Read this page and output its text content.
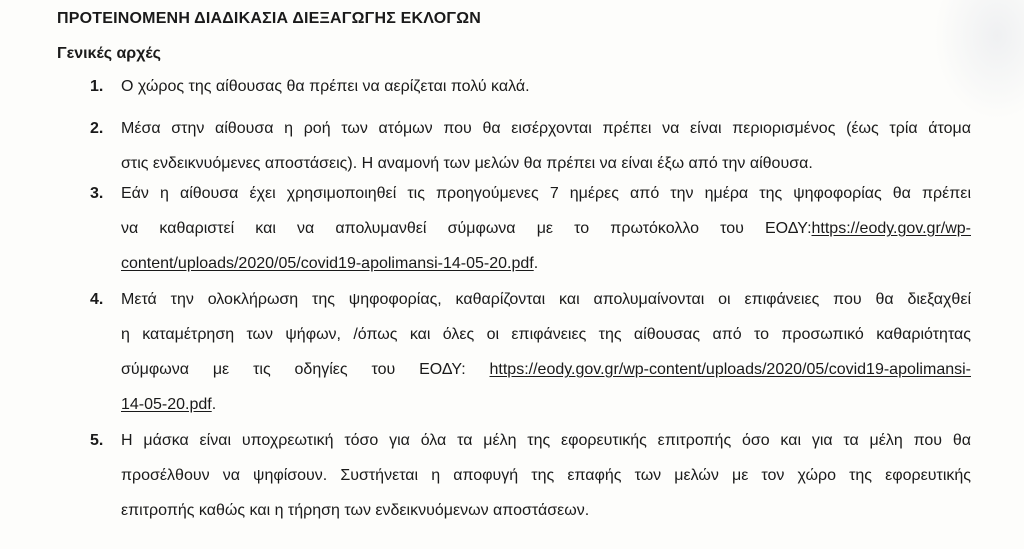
ΠΡΟΤΕΙΝΟΜΕΝΗ ΔΙΑΔΙΚΑΣΙΑ ΔΙΕΞΑΓΩΓΗΣ ΕΚΛΟΓΩΝ
Γενικές αρχές
1. Ο χώρος της αίθουσας θα πρέπει να αερίζεται πολύ καλά.
2. Μέσα στην αίθουσα η ροή των ατόμων που θα εισέρχονται πρέπει να είναι περιορισμένος (έως τρία άτομα
στις ενδεικνυόμενες αποστάσεις). Η αναμονή των μελών θα πρέπει να είναι έξω από την αίθουσα.
3. Εάν η αίθουσα έχει χρησιμοποιηθεί τις προηγούμενες 7 ημέρες από την ημέρα της ψηφοφορίας θα πρέπει
να καθαριστεί και να απολυμανθεί σύμφωνα με το πρωτόκολλο του ΕΟΔΥ:https://eody.gov.gr/wp-
content/uploads/2020/05/covid19-apolimansi-14-05-20.pdf.
4. Μετά την ολοκλήρωση της ψηφοφορίας, καθαρίζονται και απολυμαίνονται οι επιφάνειες που θα διεξαχθεί
η καταμέτρηση των ψήφων, /όπως και όλες οι επιφάνειες της αίθουσας από το προσωπικό καθαριότητας
σύμφωνα με τις οδηγίες του ΕΟΔΥ: https://eody.gov.gr/wp-content/uploads/2020/05/covid19-apolimansi-
14-05-20.pdf.
5. Η μάσκα είναι υποχρεωτική τόσο για όλα τα μέλη της εφορευτικής επιτροπής όσο και για τα μέλη που θα
προσέλθουν να ψηφίσουν. Συστήνεται η αποφυγή της επαφής των μελών με τον χώρο της εφορευτικής
επιτροπής καθώς και η τήρηση των ενδεικνυόμενων αποστάσεων.
